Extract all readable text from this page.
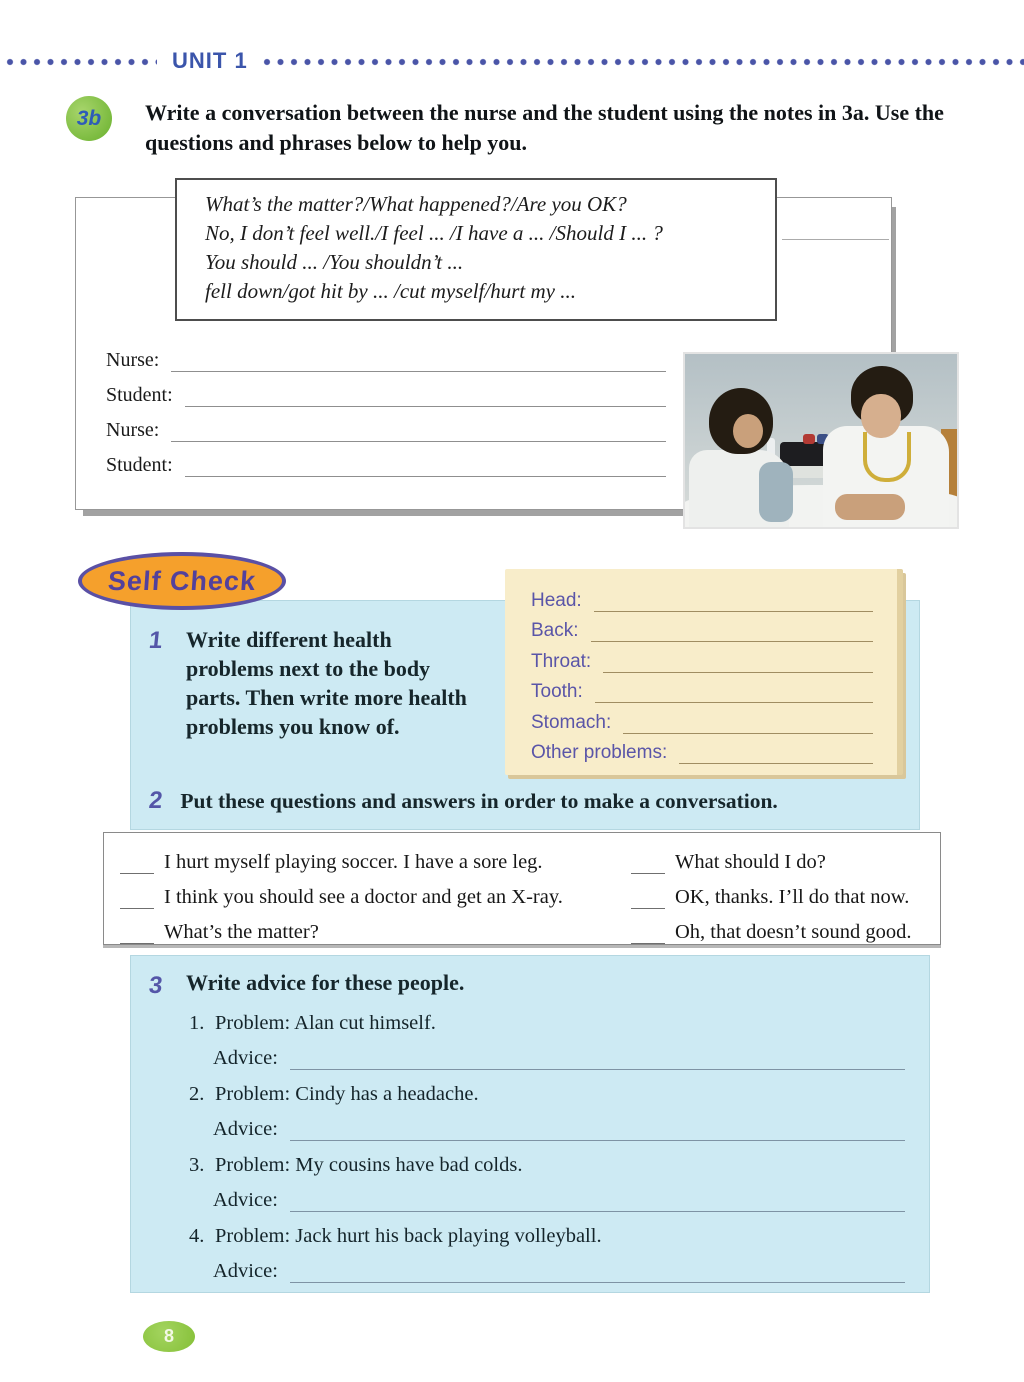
UNIT 1
3b	Write a conversation between the nurse and the student using the notes in 3a. Use the questions and phrases below to help you.
Nurse:
Student:
Nurse:
Student:
What’s the matter?/What happened?/Are you OK?
No, I don’t feel well./I feel ... /I have a ... /Should I ... ?
You should ... /You shouldn’t ...
fell down/got hit by ... /cut myself/hurt my ...
Self Check
1 Write different health problems next to the body parts. Then write more health problems you know of.
2 Put these questions and answers in order to make a conversation.
Head:
Back:
Throat:
Tooth:
Stomach:
Other problems:
I hurt myself playing soccer. I have a sore leg.
I think you should see a doctor and get an X-ray.
What’s the matter?
What should I do?
OK, thanks. I’ll do that now.
Oh, that doesn’t sound good.
3 Write advice for these people.
1. Problem: Alan cut himself.
Advice:
2. Problem: Cindy has a headache.
Advice:
3. Problem: My cousins have bad colds.
Advice:
4. Problem: Jack hurt his back playing volleyball.
Advice:
8
